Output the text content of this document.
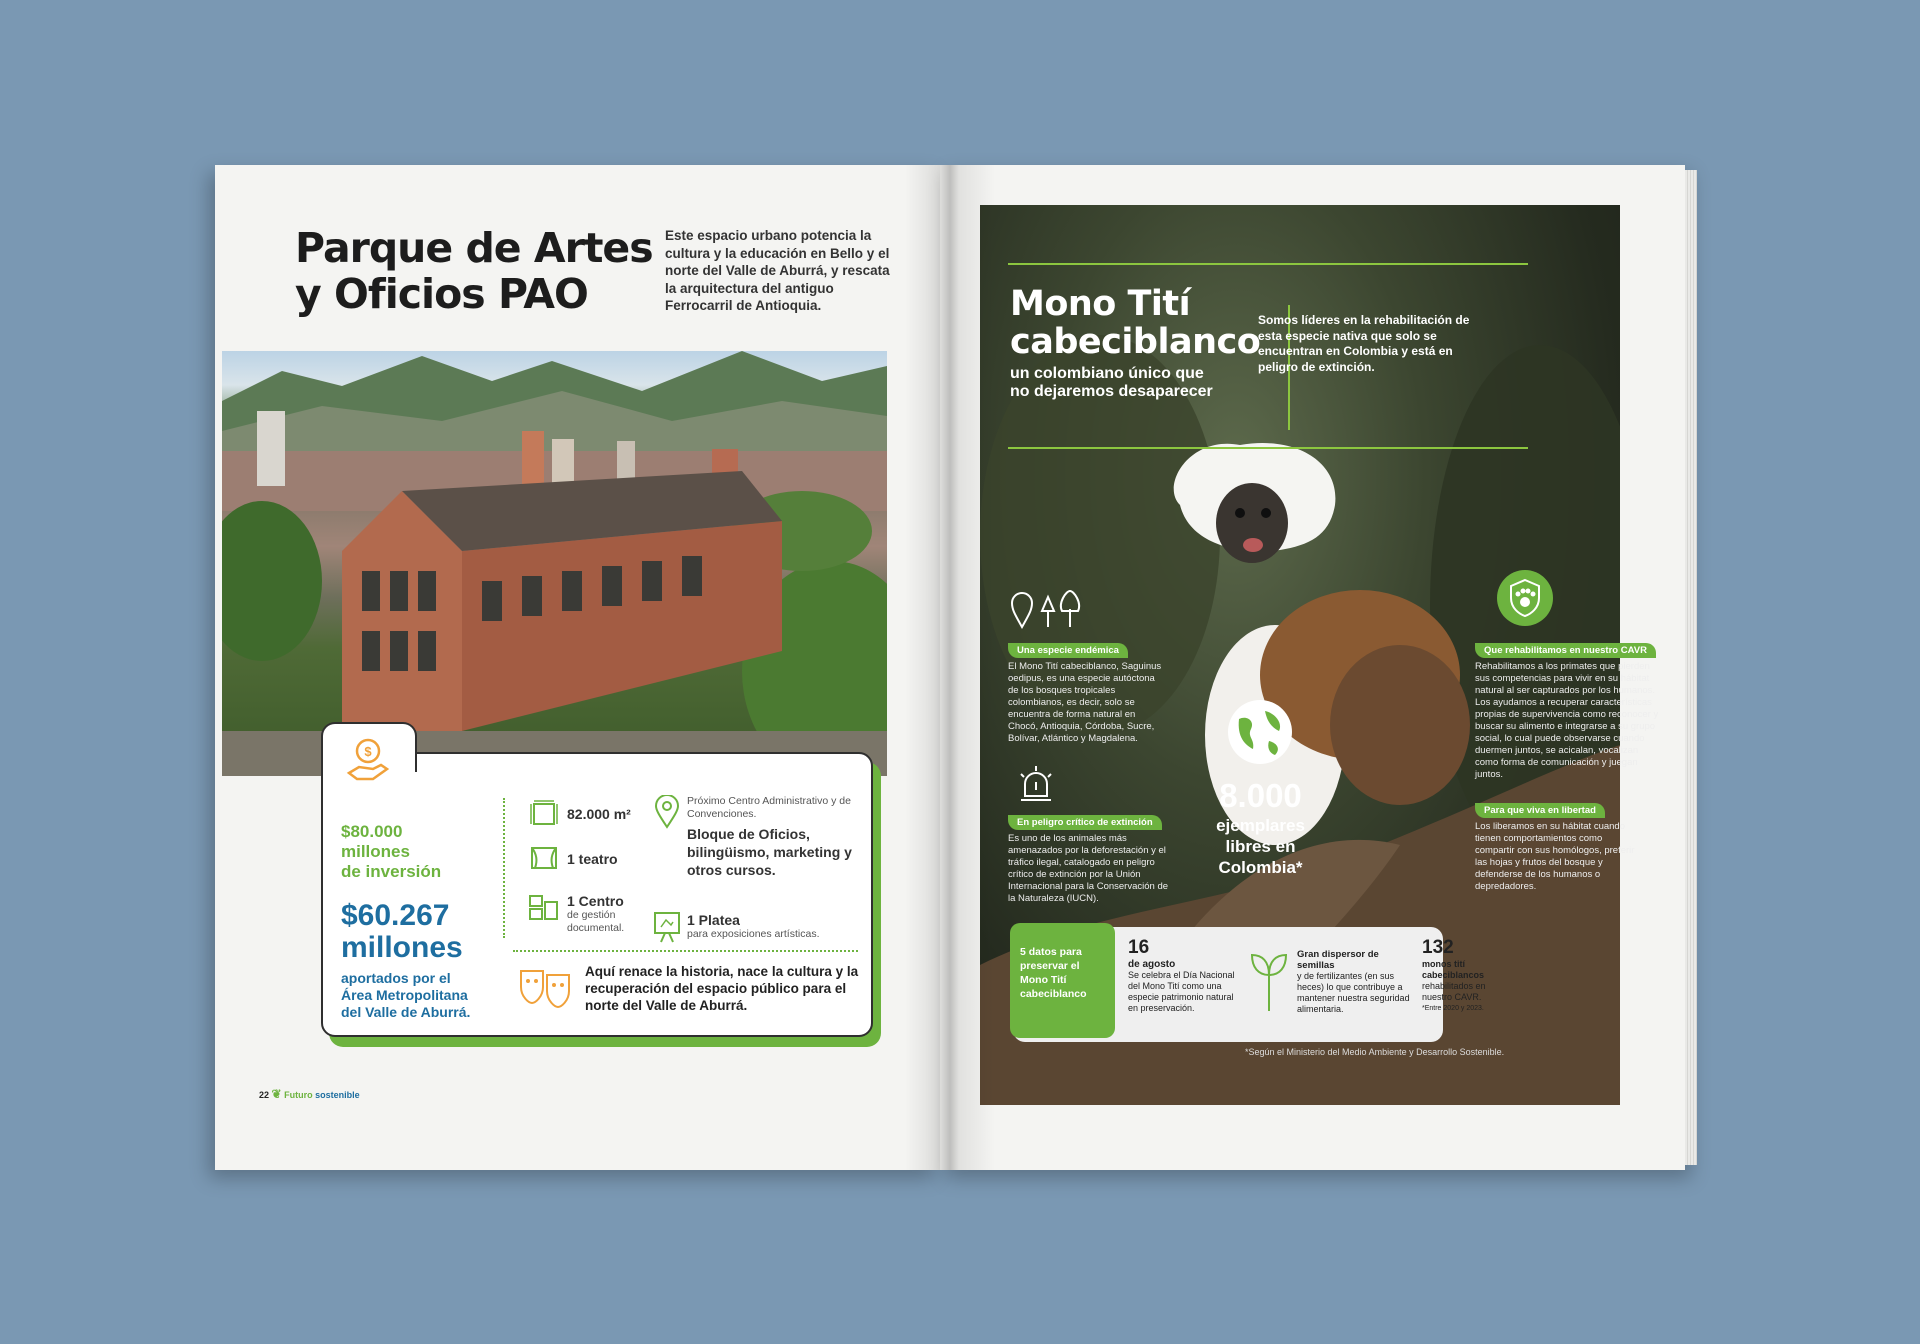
Parque de Artes
y Oficios PAO
Este espacio urbano potencia la cultura y la educación en Bello y el norte del Valle de Aburrá, y rescata la arquitectura del antiguo Ferrocarril de Antioquia.
$
$80.000
millones
de inversión
$60.267
millones
aportados por el Área Metropolitana del Valle de Aburrá.
82.000 m²
1 teatro
1 Centro
de gestión documental.
Próximo Centro Administrativo y de Convenciones.
Bloque de Oficios, bilingüismo, marketing y otros cursos.
1 Platea
para exposiciones artísticas.
Aquí renace la historia, nace la cultura y la recuperación del espacio público para el norte del Valle de Aburrá.
22 ❦ Futuro sostenible
Mono Tití
cabeciblanco
un colombiano único que
no dejaremos desaparecer
Somos líderes en la rehabilitación de esta especie nativa que solo se encuentran en Colombia y está en peligro de extinción.
Una especie endémica
El Mono Tití cabeciblanco, Saguinus oedipus, es una especie autóctona de los bosques tropicales colombianos, es decir, solo se encuentra de forma natural en Chocó, Antioquia, Córdoba, Sucre, Bolívar, Atlántico y Magdalena.
En peligro crítico de extinción
Es uno de los animales más amenazados por la deforestación y el tráfico ilegal, catalogado en peligro crítico de extinción por la Unión Internacional para la Conservación de la Naturaleza (IUCN).
Que rehabilitamos en nuestro CAVR
Rehabilitamos a los primates que pierden sus competencias para vivir en su hábitat natural al ser capturados por los humanos. Los ayudamos a recuperar características propias de supervivencia como reconocer y buscar su alimento e integrarse a su grupo social, lo cual puede observarse cuando duermen juntos, se acicalan, vocalizan como forma de comunicación y juegan juntos.
Para que viva en libertad
Los liberamos en su hábitat cuando tienen comportamientos como compartir con sus homólogos, preferir las hojas y frutos del bosque y defenderse de los humanos o depredadores.
8.000
ejemplares
libres en
Colombia*
5 datos para preservar el Mono Tití cabeciblanco
16
de agosto
Se celebra el Día Nacional del Mono Tití como una especie patrimonio natural en preservación.
Gran dispersor de semillas
y de fertilizantes (en sus heces) lo que contribuye a mantener nuestra seguridad alimentaria.
132
monos tití cabeciblancos
rehabilitados en nuestro CAVR.
*Entre 2020 y 2023.
*Según el Ministerio del Medio Ambiente y Desarrollo Sostenible.
